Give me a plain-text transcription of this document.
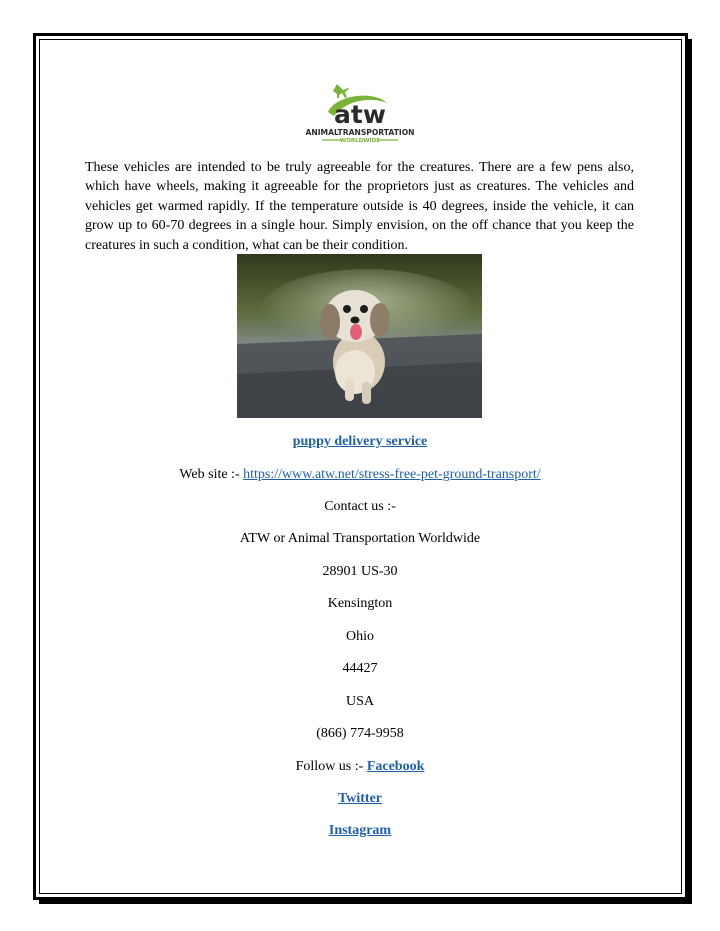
atw
ANIMALTRANSPORTATION
WORLDWIDE
These vehicles are intended to be truly agreeable for the creatures. There are a few pens also, which have wheels, making it agreeable for the proprietors just as creatures. The vehicles and vehicles get warmed rapidly. If the temperature outside is 40 degrees, inside the vehicle, it can grow up to 60-70 degrees in a single hour. Simply envision, on the off chance that you keep the creatures in such a condition, what can be their condition.
puppy delivery service
Web site :- https://www.atw.net/stress-free-pet-ground-transport/
Contact us :-
ATW or Animal Transportation Worldwide
28901 US-30
Kensington
Ohio
44427
USA
(866) 774-9958
Follow us :- Facebook
Twitter
Instagram
